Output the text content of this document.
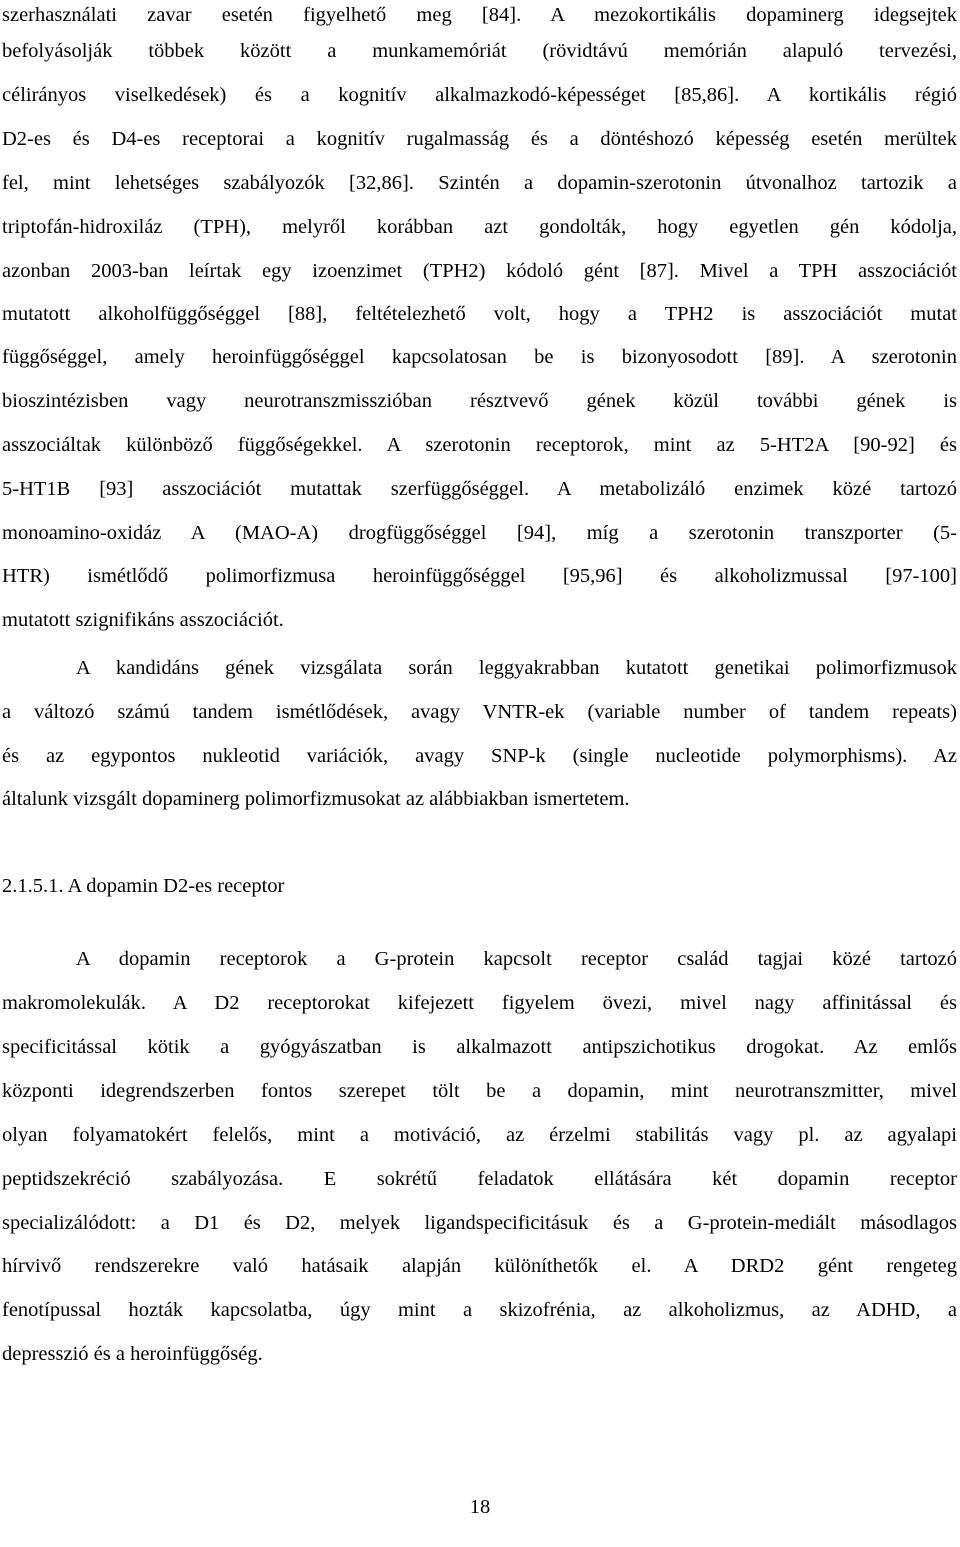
szerhasználati zavar esetén figyelhető meg [84]. A mezokortikális dopaminerg idegsejtek
befolyásolják többek között a munkamemóriát (rövidtávú memórián alapuló tervezési,
célirányos viselkedések) és a kognitív alkalmazkodó-képességet [85,86]. A kortikális régió
D2-es és D4-es receptorai a kognitív rugalmasság és a döntéshozó képesség esetén merültek
fel, mint lehetséges szabályozók [32,86]. Szintén a dopamin-szerotonin útvonalhoz tartozik a
triptofán-hidroxiláz (TPH), melyről korábban azt gondolták, hogy egyetlen gén kódolja,
azonban 2003-ban leírtak egy izoenzimet (TPH2) kódoló gént [87]. Mivel a TPH asszociációt
mutatott alkoholfüggőséggel [88], feltételezhető volt, hogy a TPH2 is asszociációt mutat
függőséggel, amely heroinfüggőséggel kapcsolatosan be is bizonyosodott [89]. A szerotonin
bioszintézisben vagy neurotranszmisszióban résztvevő gének közül további gének is
asszociáltak különböző függőségekkel. A szerotonin receptorok, mint az 5-HT2A [90-92] és
5-HT1B [93] asszociációt mutattak szerfüggőséggel. A metabolizáló enzimek közé tartozó
monoamino-oxidáz A (MAO-A) drogfüggőséggel [94], míg a szerotonin transzporter (5-
HTR) ismétlődő polimorfizmusa heroinfüggőséggel [95,96] és alkoholizmussal [97-100]
mutatott szignifikáns asszociációt.
A kandidáns gének vizsgálata során leggyakrabban kutatott genetikai polimorfizmusok
a változó számú tandem ismétlődések, avagy VNTR-ek (variable number of tandem repeats)
és az egypontos nukleotid variációk, avagy SNP-k (single nucleotide polymorphisms). Az
általunk vizsgált dopaminerg polimorfizmusokat az alábbiakban ismertetem.
2.1.5.1. A dopamin D2-es receptor
A dopamin receptorok a G-protein kapcsolt receptor család tagjai közé tartozó
makromolekulák. A D2 receptorokat kifejezett figyelem övezi, mivel nagy affinitással és
specificitással kötik a gyógyászatban is alkalmazott antipszichotikus drogokat. Az emlős
központi idegrendszerben fontos szerepet tölt be a dopamin, mint neurotranszmitter, mivel
olyan folyamatokért felelős, mint a motiváció, az érzelmi stabilitás vagy pl. az agyalapi
peptidszekréció szabályozása. E sokrétű feladatok ellátására két dopamin receptor
specializálódott: a D1 és D2, melyek ligandspecificitásuk és a G-protein-mediált másodlagos
hírvivő rendszerekre való hatásaik alapján különíthetők el. A DRD2 gént rengeteg
fenotípussal hozták kapcsolatba, úgy mint a skizofrénia, az alkoholizmus, az ADHD, a
depresszió és a heroinfüggőség.
18
